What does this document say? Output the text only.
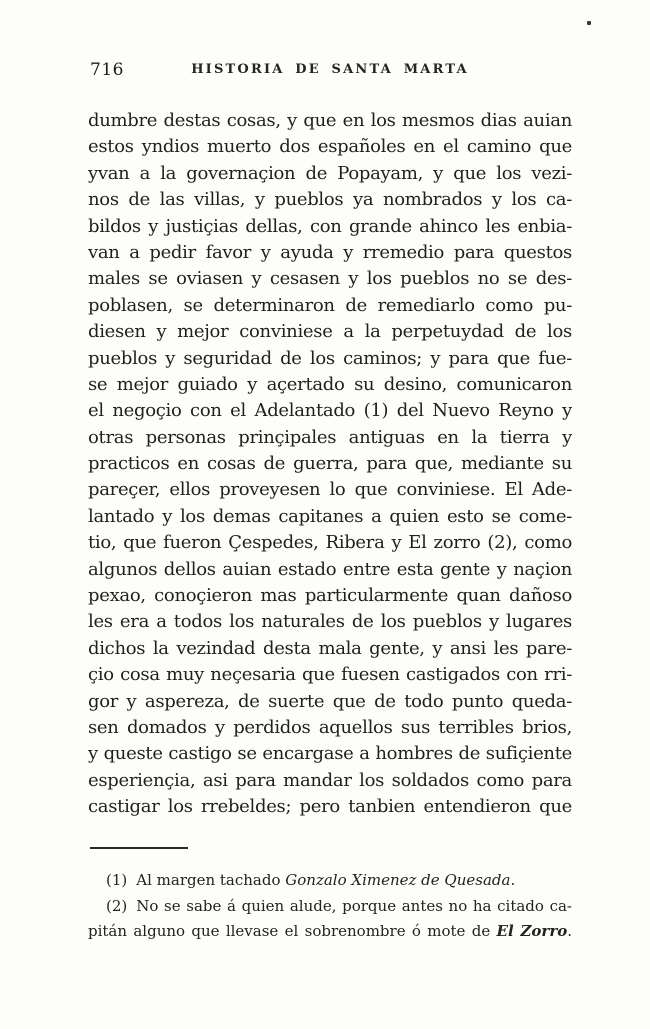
716	HISTORIA DE SANTA MARTA
dumbre destas cosas, y que en los mesmos dias auian
estos yndios muerto dos españoles en el camino que
yvan a la governaçion de Popayam, y que los vezi-
nos de las villas, y pueblos ya nombrados y los ca-
bildos y justiçias dellas, con grande ahinco les enbia-
van a pedir favor y ayuda y rremedio para questos
males se oviasen y cesasen y los pueblos no se des-
poblasen, se determinaron de remediarlo como pu-
diesen y mejor conviniese a la perpetuydad de los
pueblos y seguridad de los caminos; y para que fue-
se mejor guiado y açertado su desino, comunicaron
el negoçio con el Adelantado (1) del Nuevo Reyno y
otras personas prinçipales antiguas en la tierra y
practicos en cosas de guerra, para que, mediante su
pareçer, ellos proveyesen lo que conviniese. El Ade-
lantado y los demas capitanes a quien esto se come-
tio, que fueron Çespedes, Ribera y El zorro (2), como
algunos dellos auian estado entre esta gente y naçion
pexao, conoçieron mas particularmente quan dañoso
les era a todos los naturales de los pueblos y lugares
dichos la vezindad desta mala gente, y ansi les pare-
çio cosa muy neçesaria que fuesen castigados con rri-
gor y aspereza, de suerte que de todo punto queda-
sen domados y perdidos aquellos sus terribles brios,
y queste castigo se encargase a hombres de sufiçiente
esperiençia, asi para mandar los soldados como para
castigar los rrebeldes; pero tanbien entendieron que
(1) Al margen tachado Gonzalo Ximenez de Quesada.
(2) No se sabe á quien alude, porque antes no ha citado ca-
pitán alguno que llevase el sobrenombre ó mote de El Zorro.
